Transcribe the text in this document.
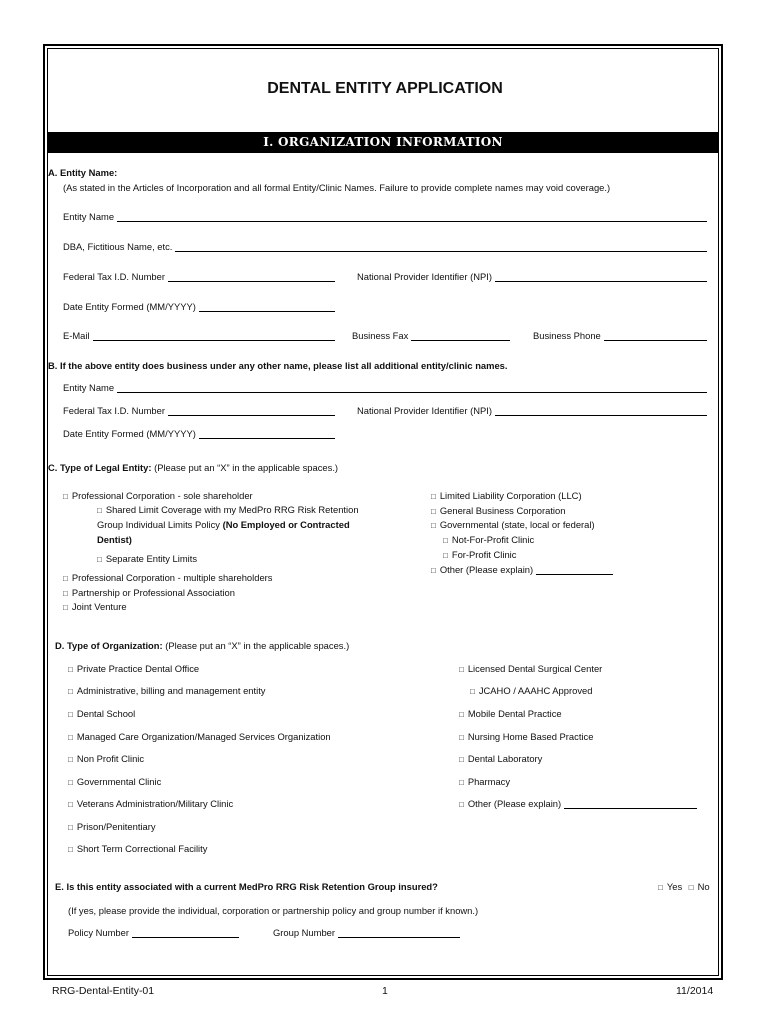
DENTAL ENTITY APPLICATION
I. ORGANIZATION INFORMATION
A. Entity Name:
(As stated in the Articles of Incorporation and all formal Entity/Clinic Names. Failure to provide complete names may void coverage.)
Entity Name
DBA, Fictitious Name, etc.
Federal Tax I.D. Number	National Provider Identifier (NPI)
Date Entity Formed (MM/YYYY)
E-Mail	Business Fax	Business Phone
B. If the above entity does business under any other name, please list all additional entity/clinic names.
Entity Name
Federal Tax I.D. Number	National Provider Identifier (NPI)
Date Entity Formed (MM/YYYY)
C. Type of Legal Entity: (Please put an “X” in the applicable spaces.)
□ Professional Corporation - sole shareholder
□ Shared Limit Coverage with my MedPro RRG Risk Retention
Group Individual Limits Policy (No Employed or Contracted
Dentist)
□ Separate Entity Limits
□ Professional Corporation - multiple shareholders
□ Partnership or Professional Association
□ Joint Venture
□ Limited Liability Corporation (LLC)
□ General Business Corporation
□ Governmental (state, local or federal)
□ Not-For-Profit Clinic
□ For-Profit Clinic
□ Other (Please explain)
D. Type of Organization: (Please put an “X” in the applicable spaces.)
□ Private Practice Dental Office
□ Administrative, billing and management entity
□ Dental School
□ Managed Care Organization/Managed Services Organization
□ Non Profit Clinic
□ Governmental Clinic
□ Veterans Administration/Military Clinic
□ Prison/Penitentiary
□ Short Term Correctional Facility
□ Licensed Dental Surgical Center
□ JCAHO / AAAHC Approved
□ Mobile Dental Practice
□ Nursing Home Based Practice
□ Dental Laboratory
□ Pharmacy
□ Other (Please explain)
E. Is this entity associated with a current MedPro RRG Risk Retention Group insured?	□ Yes □ No
(If yes, please provide the individual, corporation or partnership policy and group number if known.)
Policy Number	Group Number
RRG-Dental-Entity-01	1	11/2014
